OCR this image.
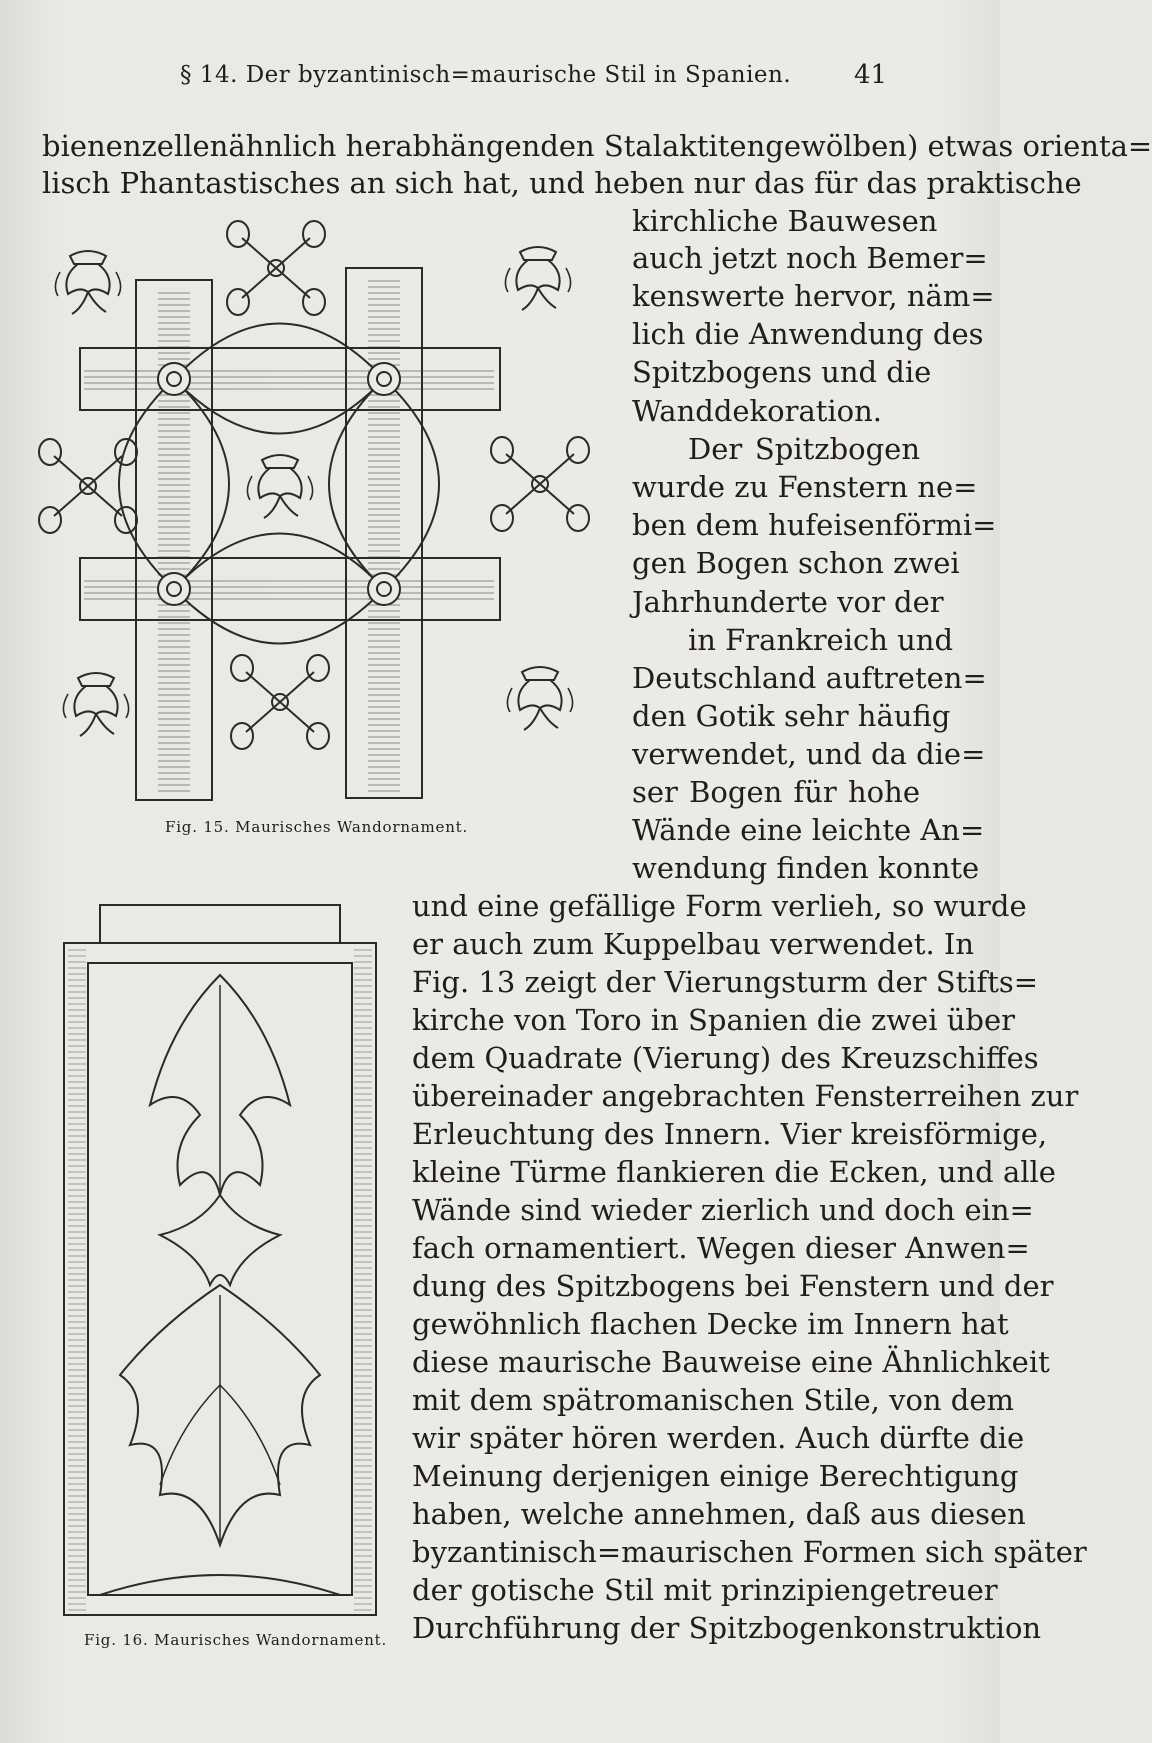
§ 14. Der byzantinisch=maurische Stil in Spanien. 41
bienenzellenähnlich herabhängenden Stalaktitengewölben) etwas orienta=
lisch Phantastisches an sich hat, und heben nur das für das praktische
kirchliche Bauwesen
auch jetzt noch Bemer=
kenswerte hervor, näm=
lich die Anwendung des
Spitzbogens und die
Wanddekoration.
Der Spitzbogen
wurde zu Fenstern ne=
ben dem hufeisenförmi=
gen Bogen schon zwei
Jahrhunderte vor der
in Frankreich und
Deutschland auftreten=
den Gotik sehr häufig
verwendet, und da die=
ser Bogen für hohe
Wände eine leichte An=
wendung finden konnte
und eine gefällige Form verlieh, so wurde
er auch zum Kuppelbau verwendet. In
Fig. 13 zeigt der Vierungsturm der Stifts=
kirche von Toro in Spanien die zwei über
dem Quadrate (Vierung) des Kreuzschiffes
übereinader angebrachten Fensterreihen zur
Erleuchtung des Innern. Vier kreisförmige,
kleine Türme flankieren die Ecken, und alle
Wände sind wieder zierlich und doch ein=
fach ornamentiert. Wegen dieser Anwen=
dung des Spitzbogens bei Fenstern und der
gewöhnlich flachen Decke im Innern hat
diese maurische Bauweise eine Ähnlichkeit
mit dem spätromanischen Stile, von dem
wir später hören werden. Auch dürfte die
Meinung derjenigen einige Berechtigung
haben, welche annehmen, daß aus diesen
byzantinisch=maurischen Formen sich später
der gotische Stil mit prinzipiengetreuer
Durchführung der Spitzbogenkonstruktion
Fig. 15. Maurisches Wandornament.
Fig. 16. Maurisches Wandornament.
